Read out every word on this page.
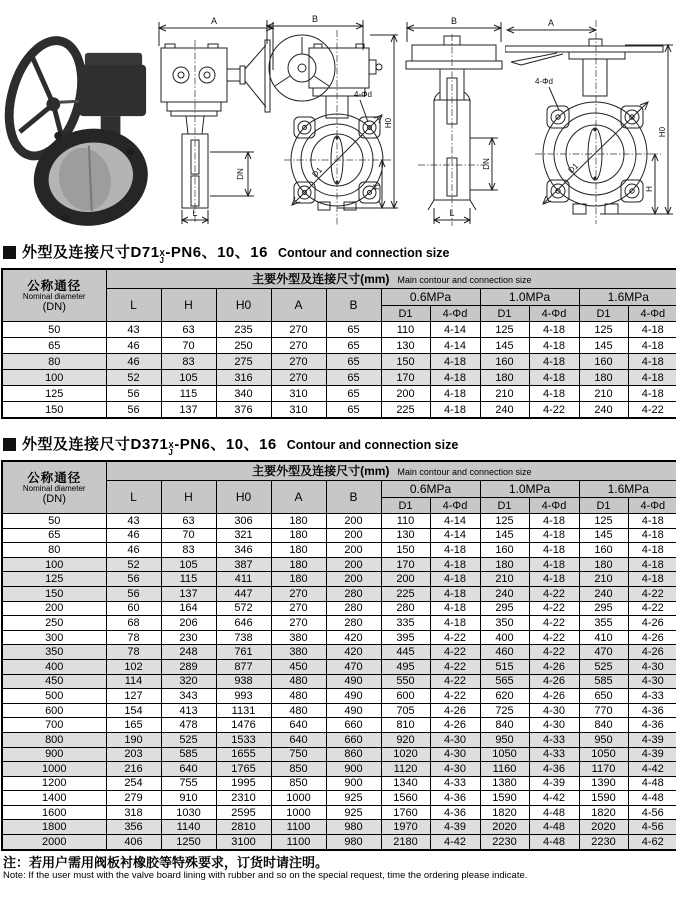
A
DN
L
B
D1
4-Φd
H0
H
B
DN
L
A
D1
4-Φd
H0
H
外型及连接尺寸D71 X
J -PN6、10、16 Contour and connection size
公称通径
Nominal diameter
(DN)	主要外型及连接尺寸(mm) Main contour and connection size										
	L	H	H0	A	B	0.6MPa		1.0MPa		1.6MPa	
						D1	4-Φd	D1	4-Φd	D1	4-Φd
50	43	63	235	270	65	110	4-14	125	4-18	125	4-18
65	46	70	250	270	65	130	4-14	145	4-18	145	4-18
80	46	83	275	270	65	150	4-18	160	4-18	160	4-18
100	52	105	316	270	65	170	4-18	180	4-18	180	4-18
125	56	115	340	310	65	200	4-18	210	4-18	210	4-18
150	56	137	376	310	65	225	4-18	240	4-22	240	4-22
外型及连接尺寸D371 X
J -PN6、10、16 Contour and connection size
公称通径
Nominal diameter
(DN)	主要外型及连接尺寸(mm) Main contour and connection size										
	L	H	H0	A	B	0.6MPa		1.0MPa		1.6MPa	
						D1	4-Φd	D1	4-Φd	D1	4-Φd
50	43	63	306	180	200	110	4-14	125	4-18	125	4-18
65	46	70	321	180	200	130	4-14	145	4-18	145	4-18
80	46	83	346	180	200	150	4-18	160	4-18	160	4-18
100	52	105	387	180	200	170	4-18	180	4-18	180	4-18
125	56	115	411	180	200	200	4-18	210	4-18	210	4-18
150	56	137	447	270	280	225	4-18	240	4-22	240	4-22
200	60	164	572	270	280	280	4-18	295	4-22	295	4-22
250	68	206	646	270	280	335	4-18	350	4-22	355	4-26
300	78	230	738	380	420	395	4-22	400	4-22	410	4-26
350	78	248	761	380	420	445	4-22	460	4-22	470	4-26
400	102	289	877	450	470	495	4-22	515	4-26	525	4-30
450	114	320	938	480	490	550	4-22	565	4-26	585	4-30
500	127	343	993	480	490	600	4-22	620	4-26	650	4-33
600	154	413	1131	480	490	705	4-26	725	4-30	770	4-36
700	165	478	1476	640	660	810	4-26	840	4-30	840	4-36
800	190	525	1533	640	660	920	4-30	950	4-33	950	4-39
900	203	585	1655	750	860	1020	4-30	1050	4-33	1050	4-39
1000	216	640	1765	850	900	1120	4-30	1160	4-36	1170	4-42
1200	254	755	1995	850	900	1340	4-33	1380	4-39	1390	4-48
1400	279	910	2310	1000	925	1560	4-36	1590	4-42	1590	4-48
1600	318	1030	2595	1000	925	1760	4-36	1820	4-48	1820	4-56
1800	356	1140	2810	1100	980	1970	4-39	2020	4-48	2020	4-56
2000	406	1250	3100	1100	980	2180	4-42	2230	4-48	2230	4-62
注：若用户需用阀板衬橡胶等特殊要求，订货时请注明。
Note: If the user must with the valve board lining with rubber and so on the special request, time the ordering please indicate.
